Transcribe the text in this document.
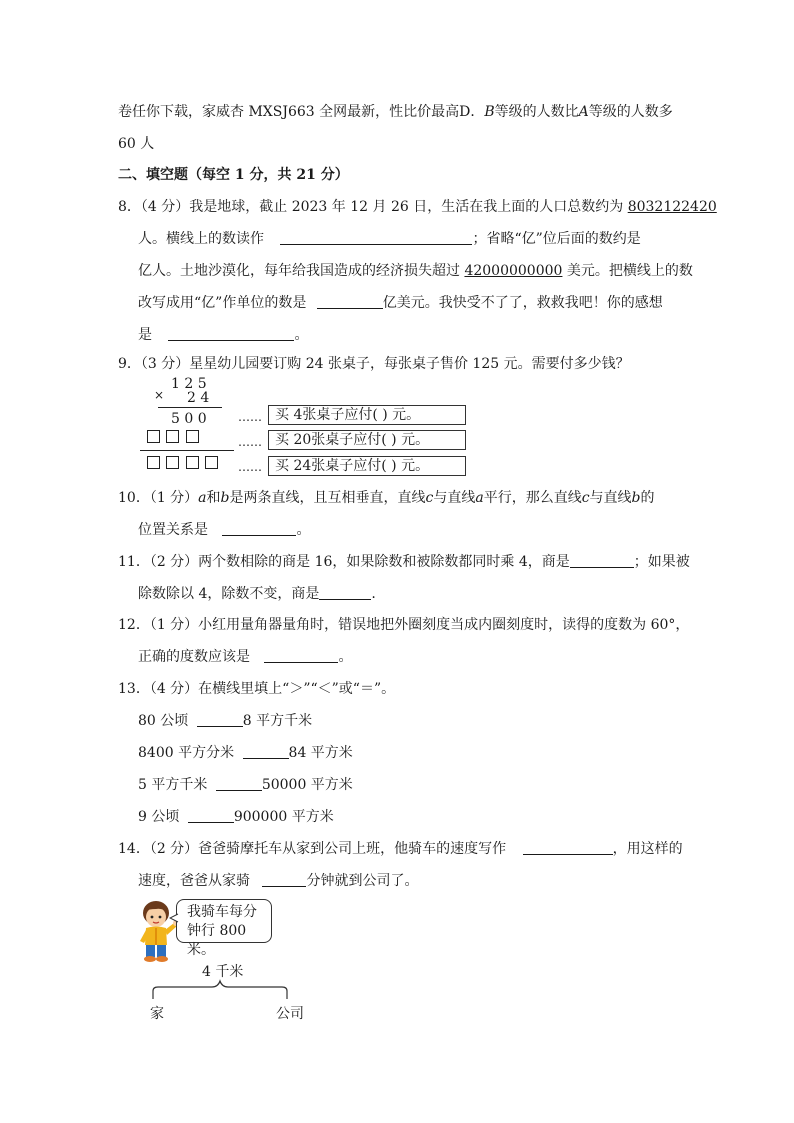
卷任你下载，家威杏 MXSJ663 全网最新，性比价最高D．B等级的人数比A等级的人数多
60 人
二、填空题（每空 1 分，共 21 分）
8．（4 分）我是地球，截止 2023 年 12 月 26 日，生活在我上面的人口总数约为 8032122420
人。横线上的数读作	；省略“亿”位后面的数约是
亿人。土地沙漠化，每年给我国造成的经济损失超过 42000000000 美元。把横线上的数
改写成用“亿”作单位的数是	亿美元。我快受不了了，救救我吧！你的感想
是	。
9．（3 分）星星幼儿园要订购 24 张桌子，每张桌子售价 125 元。需要付多少钱？
1 2 5
× 2 4
5 0 0	……
……
……
买 4张桌子应付( ) 元。
买 20张桌子应付( ) 元。
买 24张桌子应付( ) 元。
10．（1 分）a和b是两条直线，且互相垂直，直线c与直线a平行，那么直线c与直线b的
位置关系是	。
11．（2 分）两个数相除的商是 16，如果除数和被除数都同时乘 4，商是	；如果被
除数除以 4，除数不变，商是	.
12．（1 分）小红用量角器量角时，错误地把外圈刻度当成内圈刻度时，读得的度数为 60°，
正确的度数应该是	。
13．（4 分）在横线里填上“＞”“＜”或“＝”。
80 公顷	8 平方千米
8400 平方分米	84 平方米
5 平方千米	50000 平方米
9 公顷	900000 平方米
14．（2 分）爸爸骑摩托车从家到公司上班，他骑车的速度写作	，用这样的
速度，爸爸从家骑	分钟就到公司了。
我骑车每分
钟行 800 米。
4 千米
家	公司
